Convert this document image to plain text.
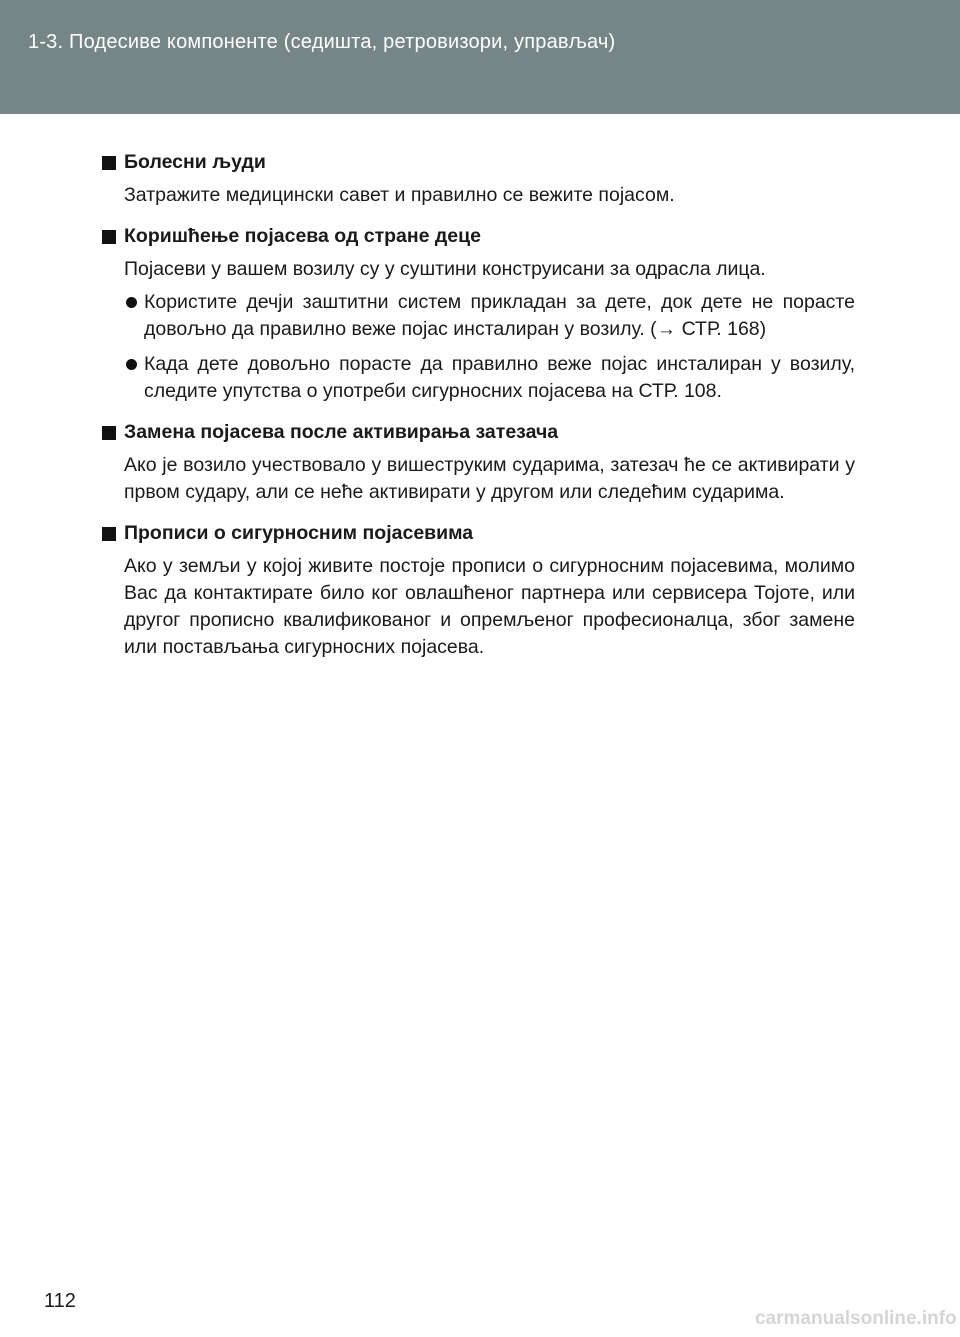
1-3. Подесиве компоненте (седишта, ретровизори, управљач)
Болесни људи

Затражите медицински савет и правилно се вежите појасом.

Коришћење појасева од стране деце

Појасеви у вашем возилу су у суштини конструисани за одрасла лица.

Користите дечји заштитни систем прикладан за дете, док дете не порасте довољно да правилно веже појас инсталиран у возилу. (→ СТР. 168)
Када дете довољно порасте да правилно веже појас инсталиран у возилу, следите упутства о употреби сигурносних појасева на СТР. 108.
Замена појасева после активирања затезача

Ако је возило учествовало у вишеструким сударима, затезач ће се активирати у првом судару, али се неће активирати у другом или следећим сударима.

Прописи о сигурносним појасевима

Ако у земљи у којој живите постоје прописи о сигурносним појасевима, молимо Вас да контактирате било ког овлашћеног партнера или сервисера Тојоте, или другог прописно квалификованог и опремљеног професионалца, због замене или постављања сигурносних појасева.

112
carmanualsonline.info
